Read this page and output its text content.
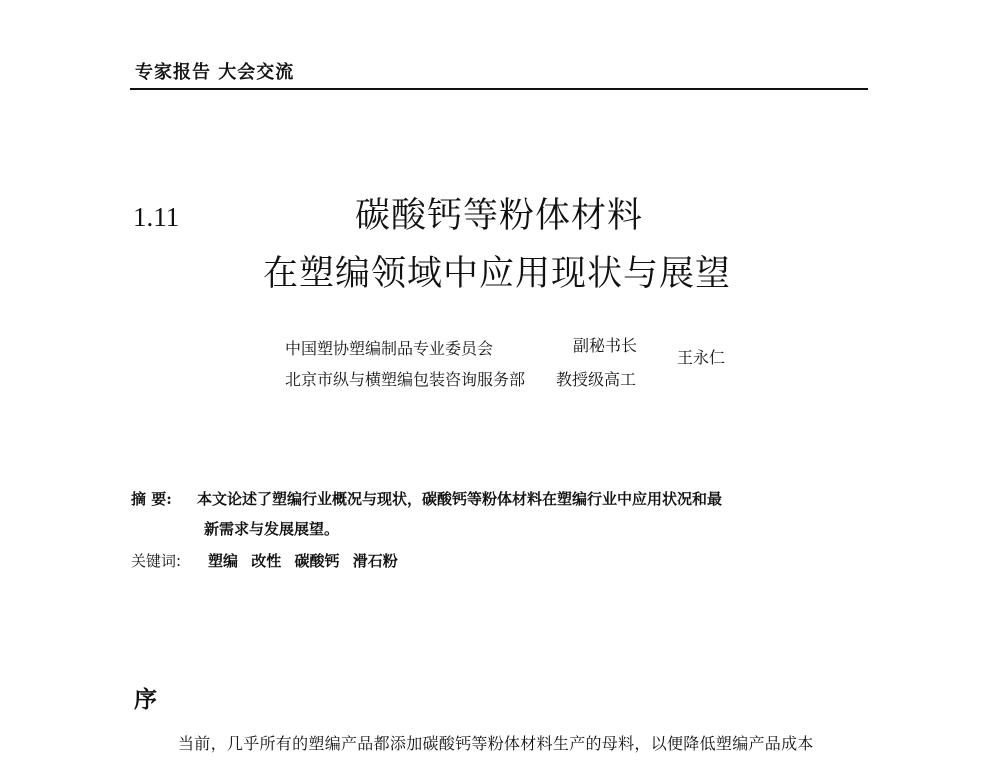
专家报告 大会交流
1.11	碳酸钙等粉体材料
在塑编领域中应用现状与展望
中国塑协塑编制品专业委员会
北京市纵与横塑编包装咨询服务部
副秘书长
教授级高工
王永仁
摘 要: 本文论述了塑编行业概况与现状，碳酸钙等粉体材料在塑编行业中应用状况和最
新需求与发展展望。
关键词: 塑编 改性 碳酸钙 滑石粉
序
当前，几乎所有的塑编产品都添加碳酸钙等粉体材料生产的母料，以便降低塑编产品成本
